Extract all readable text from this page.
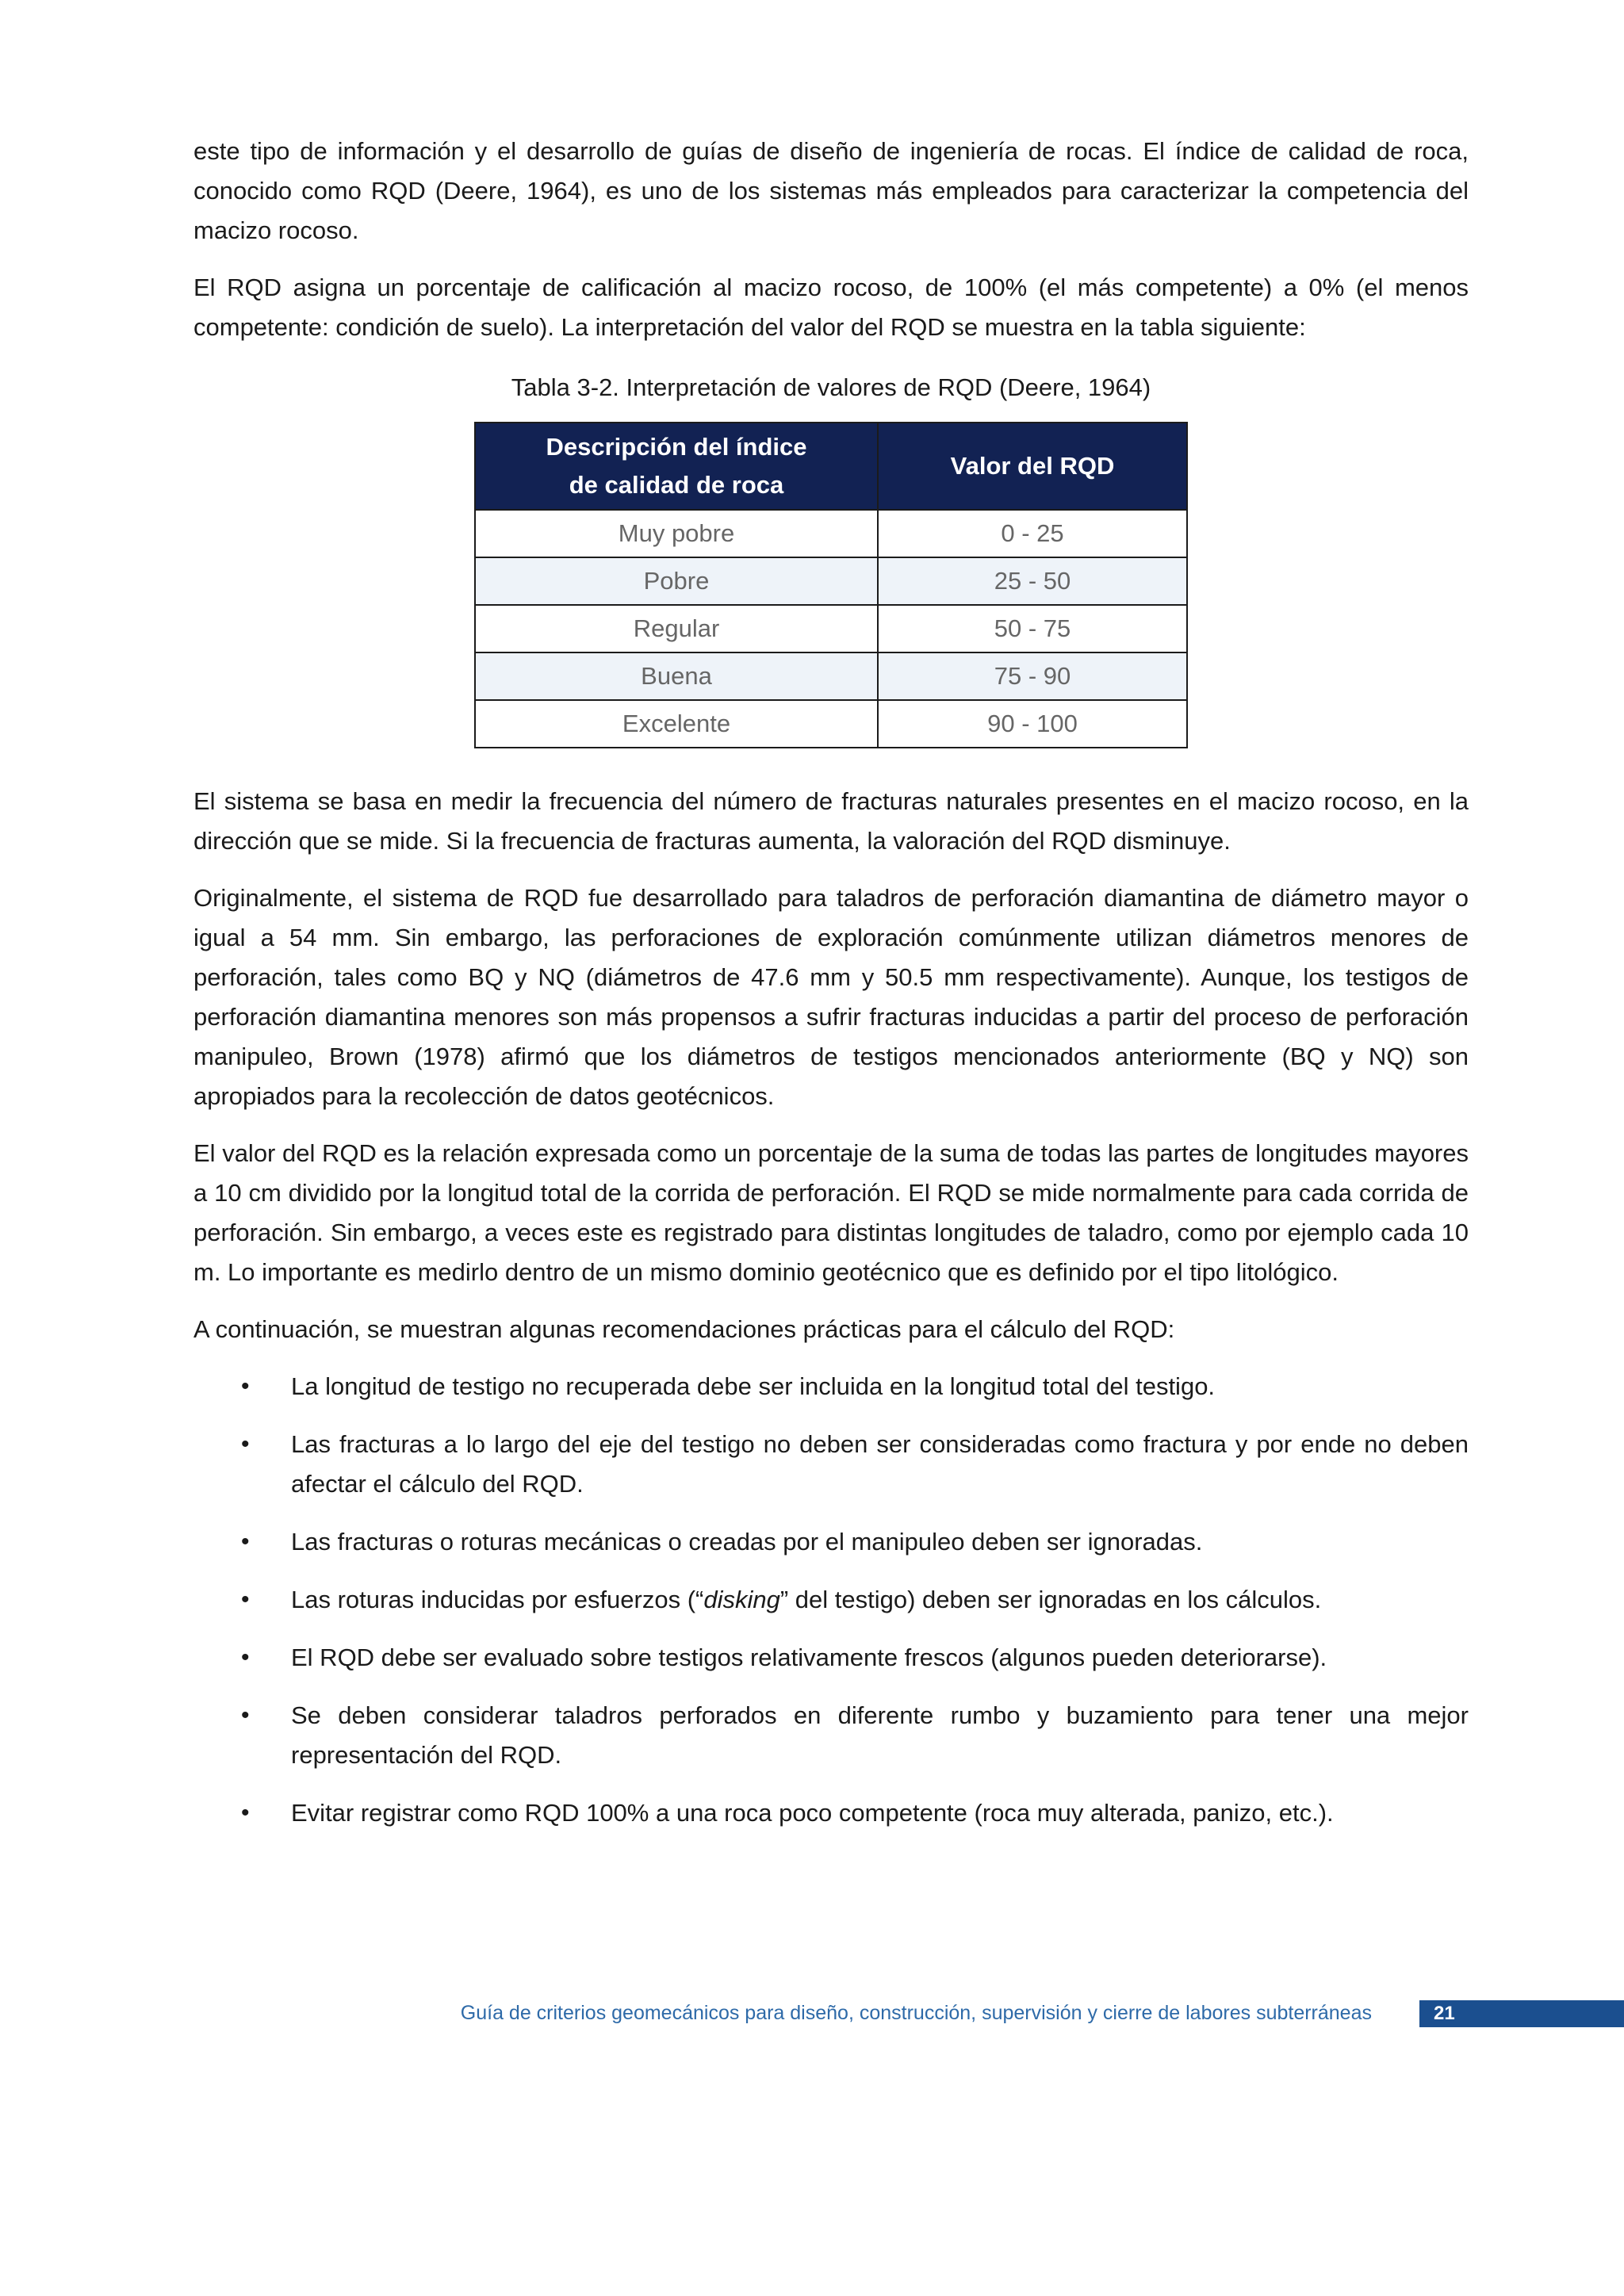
este tipo de información y el desarrollo de guías de diseño de ingeniería de rocas. El índice de calidad de roca, conocido como RQD (Deere, 1964), es uno de los sistemas más empleados para caracterizar la competencia del macizo rocoso.

El RQD asigna un porcentaje de calificación al macizo rocoso, de 100% (el más competente) a 0% (el menos competente: condición de suelo). La interpretación del valor del RQD se muestra en la tabla siguiente:

Tabla 3-2. Interpretación de valores de RQD (Deere, 1964)
Descripción del índice
de calidad de roca	Valor del RQD
Muy pobre	0 - 25
Pobre	25 - 50
Regular	50 - 75
Buena	75 - 90
Excelente	90 - 100

El sistema se basa en medir la frecuencia del número de fracturas naturales presentes en el macizo rocoso, en la dirección que se mide. Si la frecuencia de fracturas aumenta, la valoración del RQD disminuye.

Originalmente, el sistema de RQD fue desarrollado para taladros de perforación diamantina de diámetro mayor o igual a 54 mm. Sin embargo, las perforaciones de exploración comúnmente utilizan diámetros menores de perforación, tales como BQ y NQ (diámetros de 47.6 mm y 50.5 mm respectivamente). Aunque, los testigos de perforación diamantina menores son más propensos a sufrir fracturas inducidas a partir del proceso de perforación manipuleo, Brown (1978) afirmó que los diámetros de testigos mencionados anteriormente (BQ y NQ) son apropiados para la recolección de datos geotécnicos.

El valor del RQD es la relación expresada como un porcentaje de la suma de todas las partes de longitudes mayores a 10 cm dividido por la longitud total de la corrida de perforación. El RQD se mide normalmente para cada corrida de perforación. Sin embargo, a veces este es registrado para distintas longitudes de taladro, como por ejemplo cada 10 m. Lo importante es medirlo dentro de un mismo dominio geotécnico que es definido por el tipo litológico.

A continuación, se muestran algunas recomendaciones prácticas para el cálculo del RQD:

• La longitud de testigo no recuperada debe ser incluida en la longitud total del testigo.
• Las fracturas a lo largo del eje del testigo no deben ser consideradas como fractura y por ende no deben afectar el cálculo del RQD.
• Las fracturas o roturas mecánicas o creadas por el manipuleo deben ser ignoradas.
• Las roturas inducidas por esfuerzos (“disking” del testigo) deben ser ignoradas en los cálculos.
• El RQD debe ser evaluado sobre testigos relativamente frescos (algunos pueden deteriorarse).
• Se deben considerar taladros perforados en diferente rumbo y buzamiento para tener una mejor representación del RQD.
• Evitar registrar como RQD 100% a una roca poco competente (roca muy alterada, panizo, etc.).
Guía de criterios geomecánicos para diseño, construcción, supervisión y cierre de labores subterráneas	21
